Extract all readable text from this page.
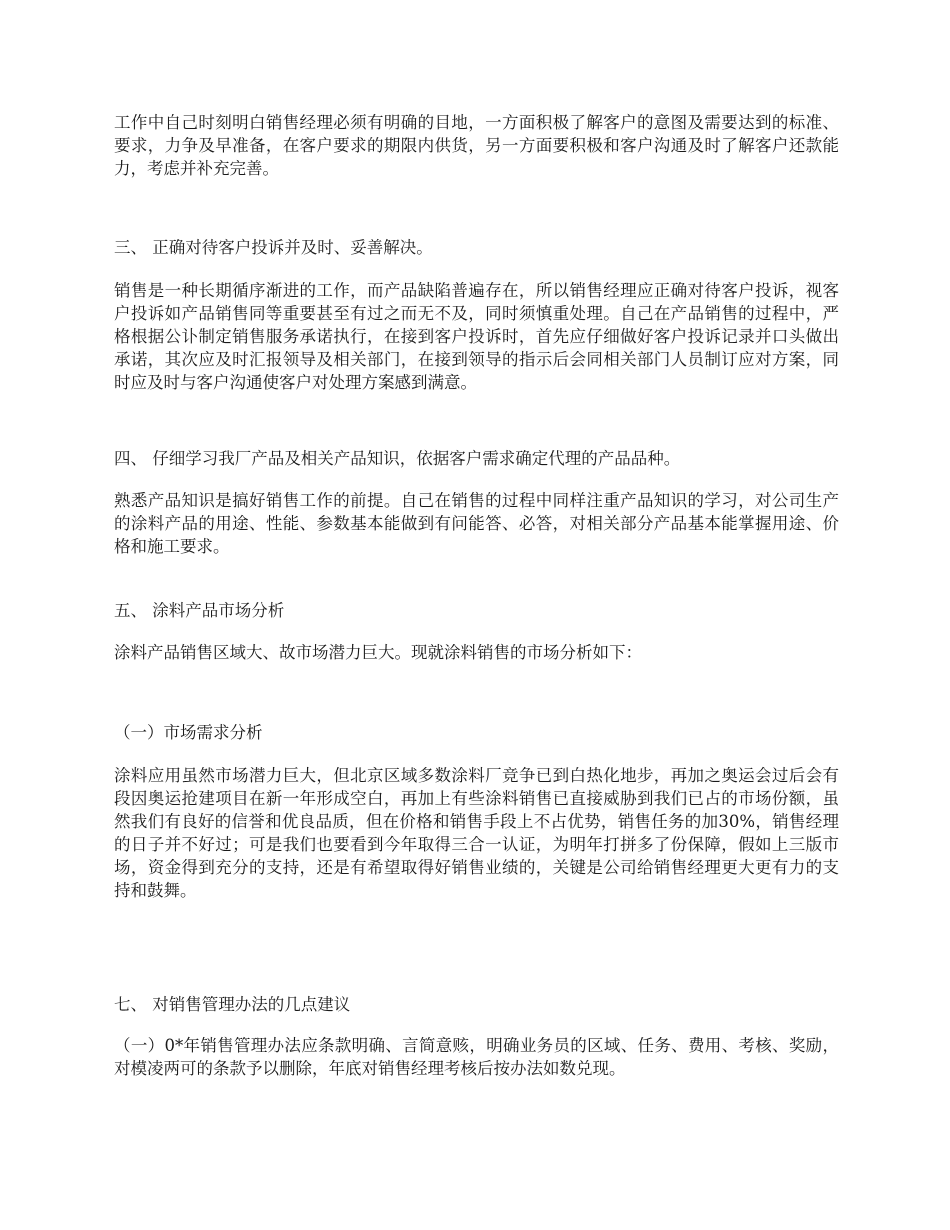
工作中自己时刻明白销售经理必须有明确的目地，一方面积极了解客户的意图及需要达到的标准、要求，力争及早准备，在客户要求的期限内供货，另一方面要积极和客户沟通及时了解客户还款能力，考虑并补充完善。

三、 正确对待客户投诉并及时、妥善解决。

销售是一种长期循序渐进的工作，而产品缺陷普遍存在，所以销售经理应正确对待客户投诉，视客户投诉如产品销售同等重要甚至有过之而无不及，同时须慎重处理。自己在产品销售的过程中，严格根据公讣制定销售服务承诺执行，在接到客户投诉时，首先应仔细做好客户投诉记录并口头做出承诺，其次应及时汇报领导及相关部门，在接到领导的指示后会同相关部门人员制订应对方案，同时应及时与客户沟通使客户对处理方案感到满意。

四、 仔细学习我厂产品及相关产品知识，依据客户需求确定代理的产品品种。

熟悉产品知识是搞好销售工作的前提。自己在销售的过程中同样注重产品知识的学习，对公司生产的涂料产品的用途、性能、参数基本能做到有问能答、必答，对相关部分产品基本能掌握用途、价格和施工要求。

五、 涂料产品市场分析

涂料产品销售区域大、故市场潜力巨大。现就涂料销售的市场分析如下：

（一）市场需求分析

涂料应用虽然市场潜力巨大，但北京区域多数涂料厂竞争已到白热化地步，再加之奥运会过后会有段因奥运抢建项目在新一年形成空白，再加上有些涂料销售已直接威胁到我们已占的市场份额，虽然我们有良好的信誉和优良品质，但在价格和销售手段上不占优势，销售任务的加30%，销售经理的日子并不好过；可是我们也要看到今年取得三合一认证，为明年打拼多了份保障，假如上三版市场，资金得到充分的支持，还是有希望取得好销售业绩的，关键是公司给销售经理更大更有力的支持和鼓舞。

七、 对销售管理办法的几点建议

（一）0*年销售管理办法应条款明确、言简意赅，明确业务员的区域、任务、费用、考核、奖励，对模凌两可的条款予以删除，年底对销售经理考核后按办法如数兑现。
